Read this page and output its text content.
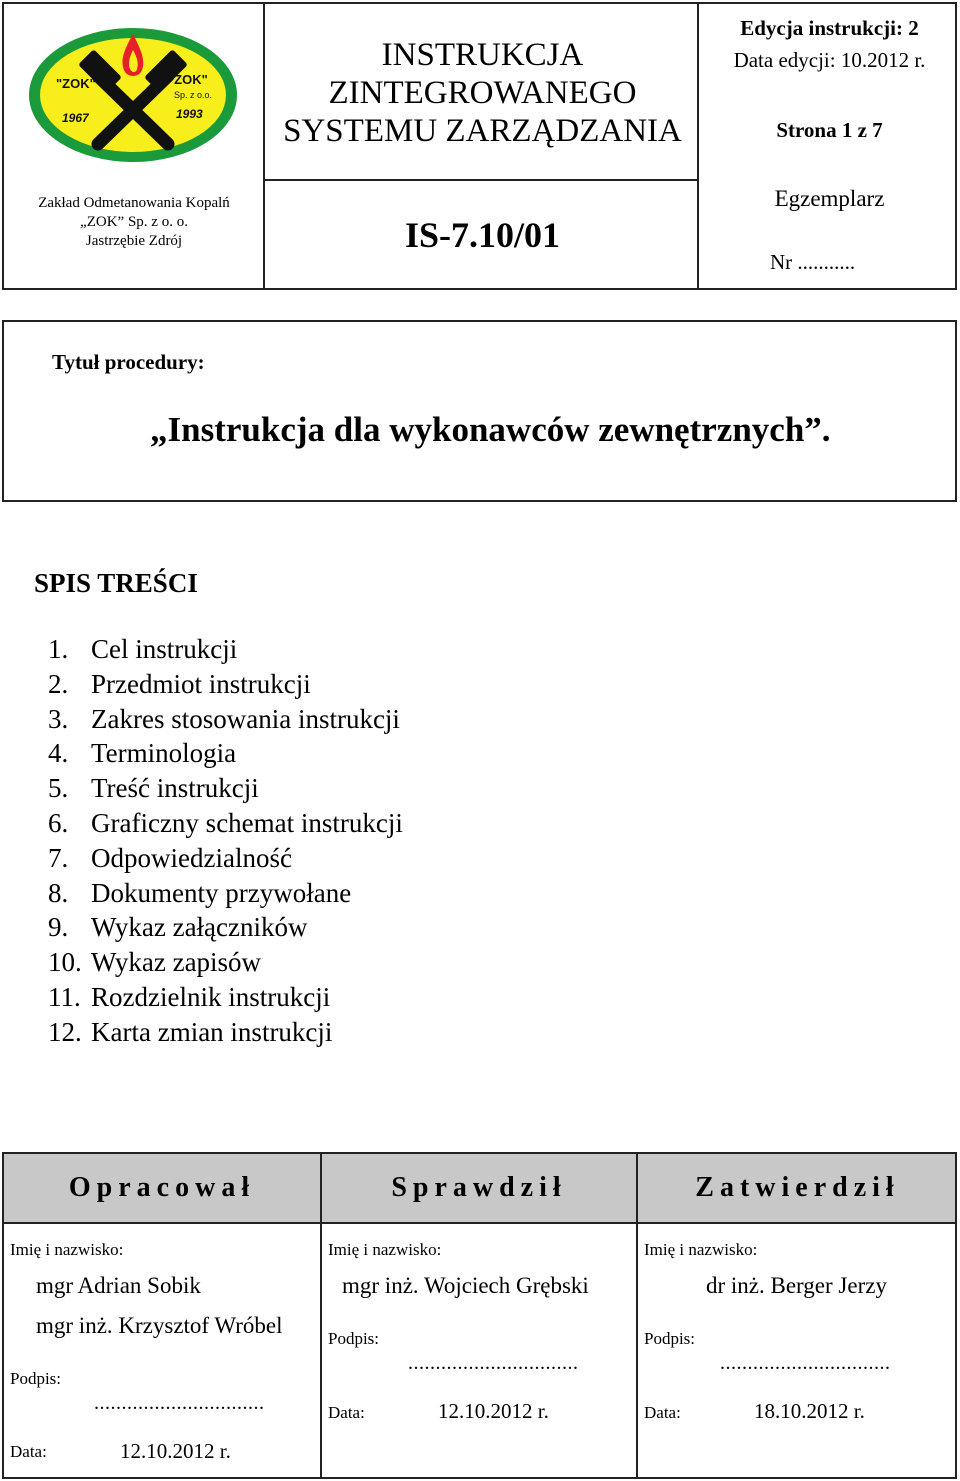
"ZOK"	"ZOK"
Sp. z o.o.
1967	1993
Zakład Odmetanowania Kopalń
„ZOK” Sp. z o. o.
Jastrzębie Zdrój
INSTRUKCJA
ZINTEGROWANEGO
SYSTEMU ZARZĄDZANIA
IS-7.10/01
Edycja instrukcji: 2
Data edycji: 10.2012 r.
Strona 1 z 7
Egzemplarz
Nr ...........
Tytuł procedury:
„Instrukcja dla wykonawców zewnętrznych”.
SPIS TREŚCI
1. Cel instrukcji
2. Przedmiot instrukcji
3. Zakres stosowania instrukcji
4. Terminologia
5. Treść instrukcji
6. Graficzny schemat instrukcji
7. Odpowiedzialność
8. Dokumenty przywołane
9. Wykaz załączników
10. Wykaz zapisów
11. Rozdzielnik instrukcji
12. Karta zmian instrukcji
Opracował	Sprawdził	Zatwierdził
Imię i nazwisko:
mgr Adrian Sobik
mgr inż. Krzysztof Wróbel
Podpis:
...............................
Data:	12.10.2012 r.
Imię i nazwisko:
mgr inż. Wojciech Grębski
Podpis:
...............................
Data:	12.10.2012 r.
Imię i nazwisko:
dr inż. Berger Jerzy
Podpis:
...............................
Data:	18.10.2012 r.
